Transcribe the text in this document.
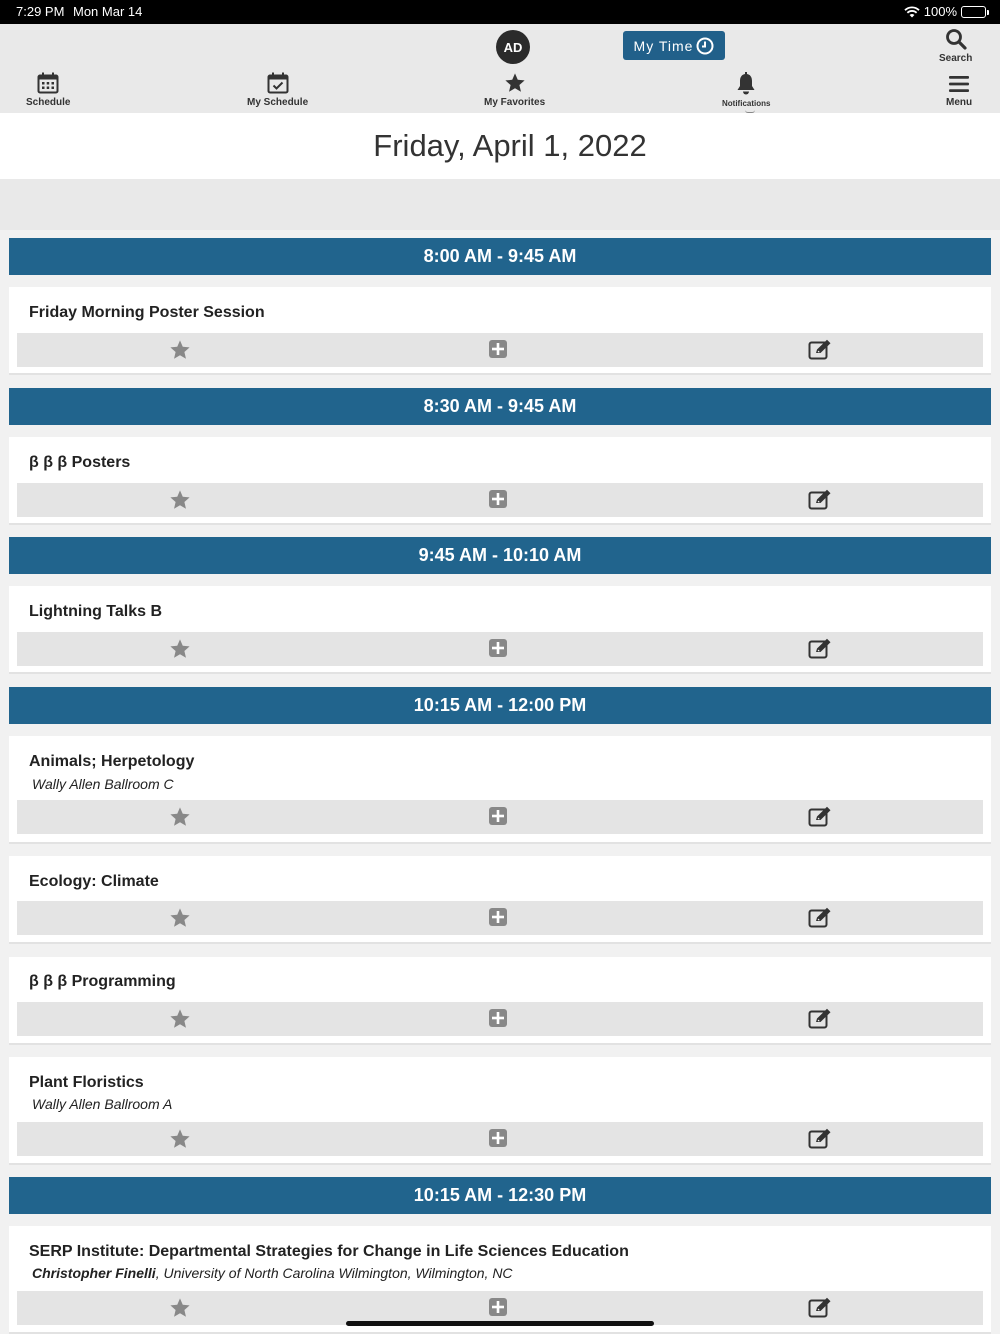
7:29 PM Mon Mar 14	100%
Schedule	My Schedule
AD
My Favorites
My Time
Notifications
Search
Menu
Friday, April 1, 2022
8:00 AM - 9:45 AM
Friday Morning Poster Session
8:30 AM - 9:45 AM
β β β Posters
9:45 AM - 10:10 AM
Lightning Talks B
10:15 AM - 12:00 PM
Animals; Herpetology
Wally Allen Ballroom C
Ecology: Climate
β β β Programming
Plant Floristics
Wally Allen Ballroom A
10:15 AM - 12:30 PM
SERP Institute: Departmental Strategies for Change in Life Sciences Education
Christopher Finelli, University of North Carolina Wilmington, Wilmington, NC
